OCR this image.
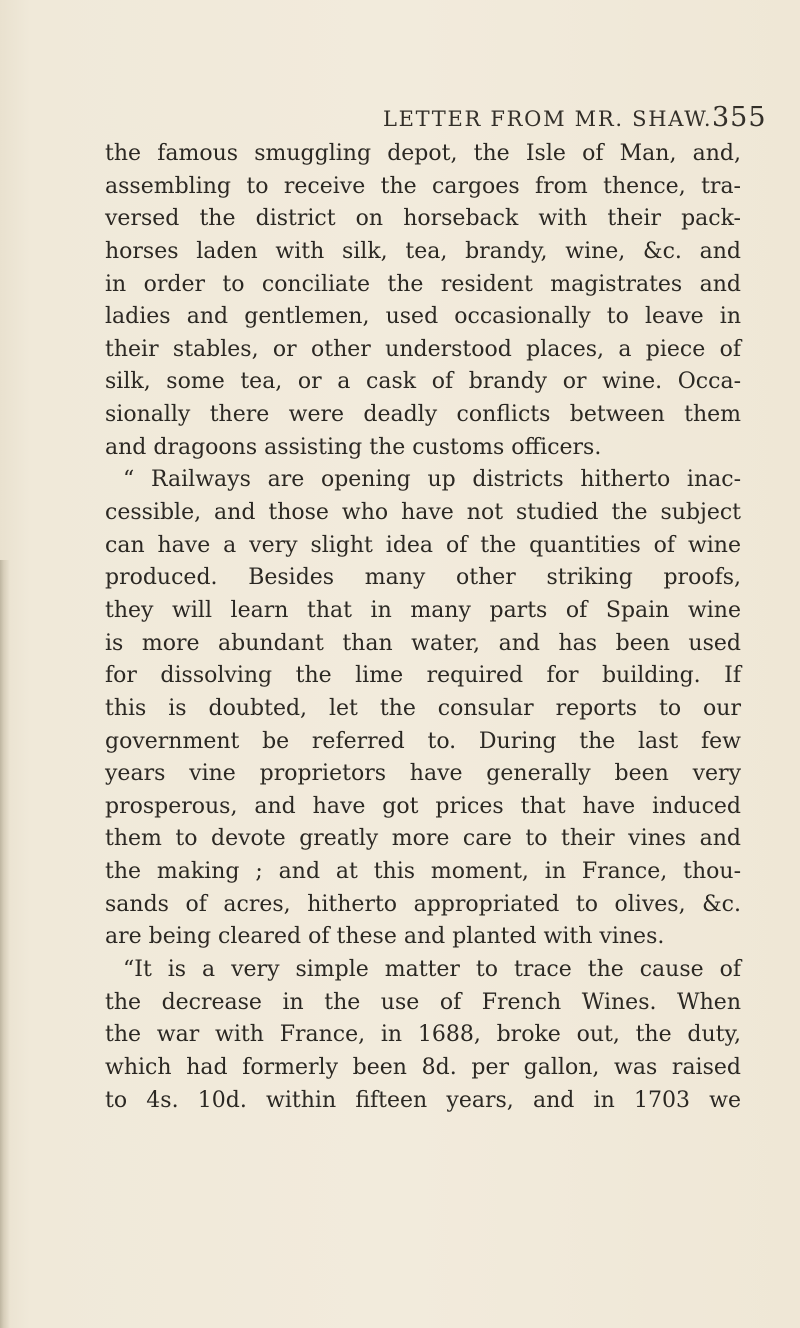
LETTER FROM MR. SHAW. 355
the famous smuggling depot, the Isle of Man, and,
assembling to receive the cargoes from thence, tra-
versed the district on horseback with their pack-
horses laden with silk, tea, brandy, wine, &c. and
in order to conciliate the resident magistrates and
ladies and gentlemen, used occasionally to leave in
their stables, or other understood places, a piece of
silk, some tea, or a cask of brandy or wine. Occa-
sionally there were deadly conflicts between them
and dragoons assisting the customs officers.
“ Railways are opening up districts hitherto inac-
cessible, and those who have not studied the subject
can have a very slight idea of the quantities of wine
produced. Besides many other striking proofs,
they will learn that in many parts of Spain wine
is more abundant than water, and has been used
for dissolving the lime required for building. If
this is doubted, let the consular reports to our
government be referred to. During the last few
years vine proprietors have generally been very
prosperous, and have got prices that have induced
them to devote greatly more care to their vines and
the making ; and at this moment, in France, thou-
sands of acres, hitherto appropriated to olives, &c.
are being cleared of these and planted with vines.
“It is a very simple matter to trace the cause of
the decrease in the use of French Wines. When
the war with France, in 1688, broke out, the duty,
which had formerly been 8d. per gallon, was raised
to 4s. 10d. within fifteen years, and in 1703 we
